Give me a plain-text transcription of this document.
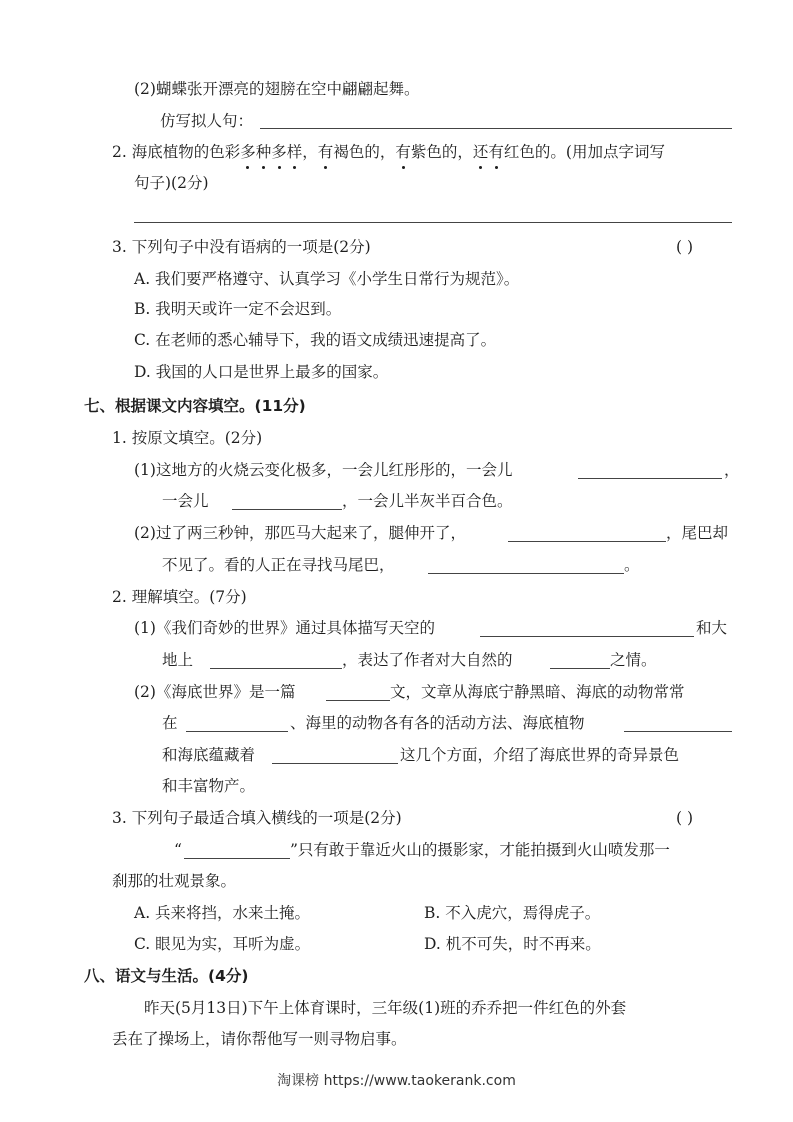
(2)蝴蝶张开漂亮的翅膀在空中翩翩起舞。
仿写拟人句：
2. 海底植物的色彩多种多样，有褐色的，有紫色的，还有红色的。(用加点字词写
句子)(2分)
3. 下列句子中没有语病的一项是(2分)	( )
A. 我们要严格遵守、认真学习《小学生日常行为规范》。
B. 我明天或许一定不会迟到。
C. 在老师的悉心辅导下，我的语文成绩迅速提高了。
D. 我国的人口是世界上最多的国家。
七、根据课文内容填空。(11分)
1. 按原文填空。(2分)
(1)这地方的火烧云变化极多，一会儿红彤彤的，一会儿	，
一会儿	，一会儿半灰半百合色。
(2)过了两三秒钟，那匹马大起来了，腿伸开了，	，尾巴却
不见了。看的人正在寻找马尾巴，	。
2. 理解填空。(7分)
(1)《我们奇妙的世界》通过具体描写天空的	和大
地上	，表达了作者对大自然的	之情。
(2)《海底世界》是一篇	文，文章从海底宁静黑暗、海底的动物常常
在	、海里的动物各有各的活动方法、海底植物
和海底蕴藏着	这几个方面，介绍了海底世界的奇异景色
和丰富物产。
3. 下列句子最适合填入横线的一项是(2分)	( )
“	”只有敢于靠近火山的摄影家，才能拍摄到火山喷发那一
刹那的壮观景象。
A. 兵来将挡，水来土掩。	B. 不入虎穴，焉得虎子。
C. 眼见为实，耳听为虚。	D. 机不可失，时不再来。
八、语文与生活。(4分)
昨天(5月13日)下午上体育课时，三年级(1)班的乔乔把一件红色的外套
丢在了操场上，请你帮他写一则寻物启事。
淘课榜 https://www.taokerank.com
